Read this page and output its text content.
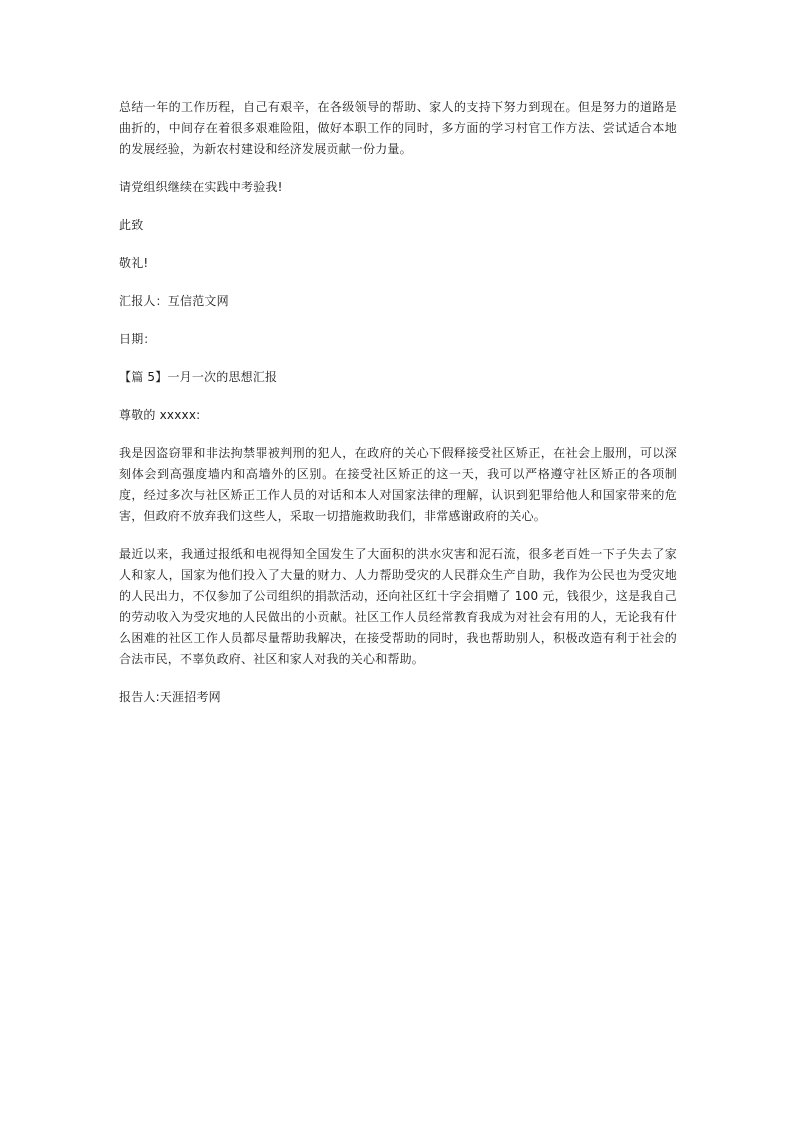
总结一年的工作历程，自己有艰辛，在各级领导的帮助、家人的支持下努力到现在。但是努力的道路是曲折的，中间存在着很多艰难险阻，做好本职工作的同时，多方面的学习村官工作方法、尝试适合本地的发展经验，为新农村建设和经济发展贡献一份力量。

请党组织继续在实践中考验我!

此致

敬礼!

汇报人：互信范文网

日期：

【篇 5】一月一次的思想汇报

尊敬的 xxxxx:

我是因盗窃罪和非法拘禁罪被判刑的犯人，在政府的关心下假释接受社区矫正，在社会上服刑，可以深刻体会到高强度墙内和高墙外的区别。在接受社区矫正的这一天，我可以严格遵守社区矫正的各项制度，经过多次与社区矫正工作人员的对话和本人对国家法律的理解，认识到犯罪给他人和国家带来的危害，但政府不放弃我们这些人，采取一切措施救助我们，非常感谢政府的关心。

最近以来，我通过报纸和电视得知全国发生了大面积的洪水灾害和泥石流，很多老百姓一下子失去了家人和家人，国家为他们投入了大量的财力、人力帮助受灾的人民群众生产自助，我作为公民也为受灾地的人民出力，不仅参加了公司组织的捐款活动，还向社区红十字会捐赠了 100 元，钱很少，这是我自己的劳动收入为受灾地的人民做出的小贡献。社区工作人员经常教育我成为对社会有用的人，无论我有什么困难的社区工作人员都尽量帮助我解决，在接受帮助的同时，我也帮助别人，积极改造有利于社会的合法市民，不辜负政府、社区和家人对我的关心和帮助。

报告人:天涯招考网
